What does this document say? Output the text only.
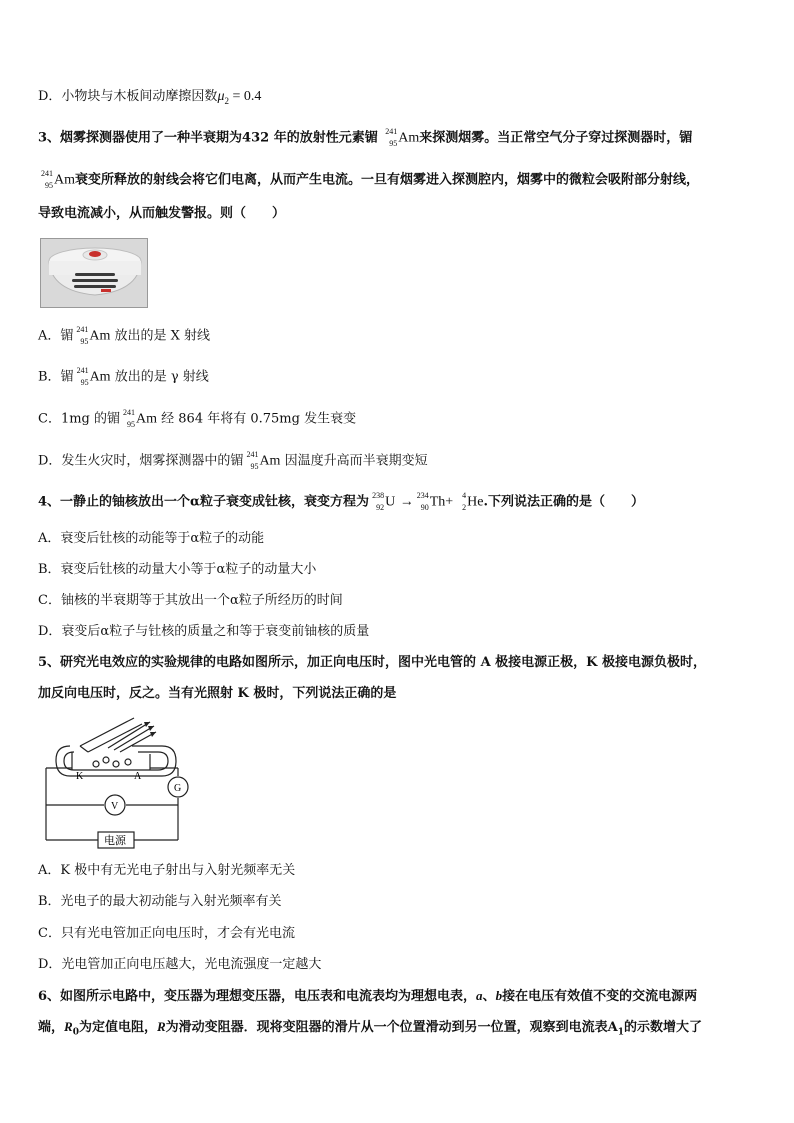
D．小物块与木板间动摩擦因数$\mu_2 = 0.4$
3、烟雾探测器使用了一种半衰期为432 年的放射性元素镅 241
95 Am来探测烟雾。当正常空气分子穿过探测器时，镅
241
95 Am衰变所释放的射线会将它们电离，从而产生电流。一旦有烟雾进入探测腔内，烟雾中的微粒会吸附部分射线，
导致电流减小，从而触发警报。则（　　）
A．镅 241
95 Am 放出的是 X 射线
B．镅 241
95 Am 放出的是 γ 射线
C．1mg 的镅 241
95 Am 经 864 年将有 0.75mg 发生衰变
D．发生火灾时，烟雾探测器中的镅 241
95 Am 因温度升高而半衰期变短
4、一静止的铀核放出一个α粒子衰变成钍核，衰变方程为 238
92 U → 234
90 Th+ 4
2 He.下列说法正确的是（　　）
A．衰变后钍核的动能等于α粒子的动能
B．衰变后钍核的动量大小等于α粒子的动量大小
C．铀核的半衰期等于其放出一个α粒子所经历的时间
D．衰变后α粒子与钍核的质量之和等于衰变前铀核的质量
5、研究光电效应的实验规律的电路如图所示，加正向电压时，图中光电管的 A 极接电源正极，K 极接电源负极时，
加反向电压时，反之。当有光照射 K 极时，下列说法正确的是
K	A
G
V
电源
A．K 极中有无光电子射出与入射光频率无关
B．光电子的最大初动能与入射光频率有关
C．只有光电管加正向电压时，才会有光电流
D．光电管加正向电压越大，光电流强度一定越大
6、如图所示电路中，变压器为理想变压器，电压表和电流表均为理想电表，a、b接在电压有效值不变的交流电源两
端，$R_0$为定值电阻，R为滑动变阻器．现将变阻器的滑片从一个位置滑动到另一位置，观察到电流表$A_1$的示数增大了
